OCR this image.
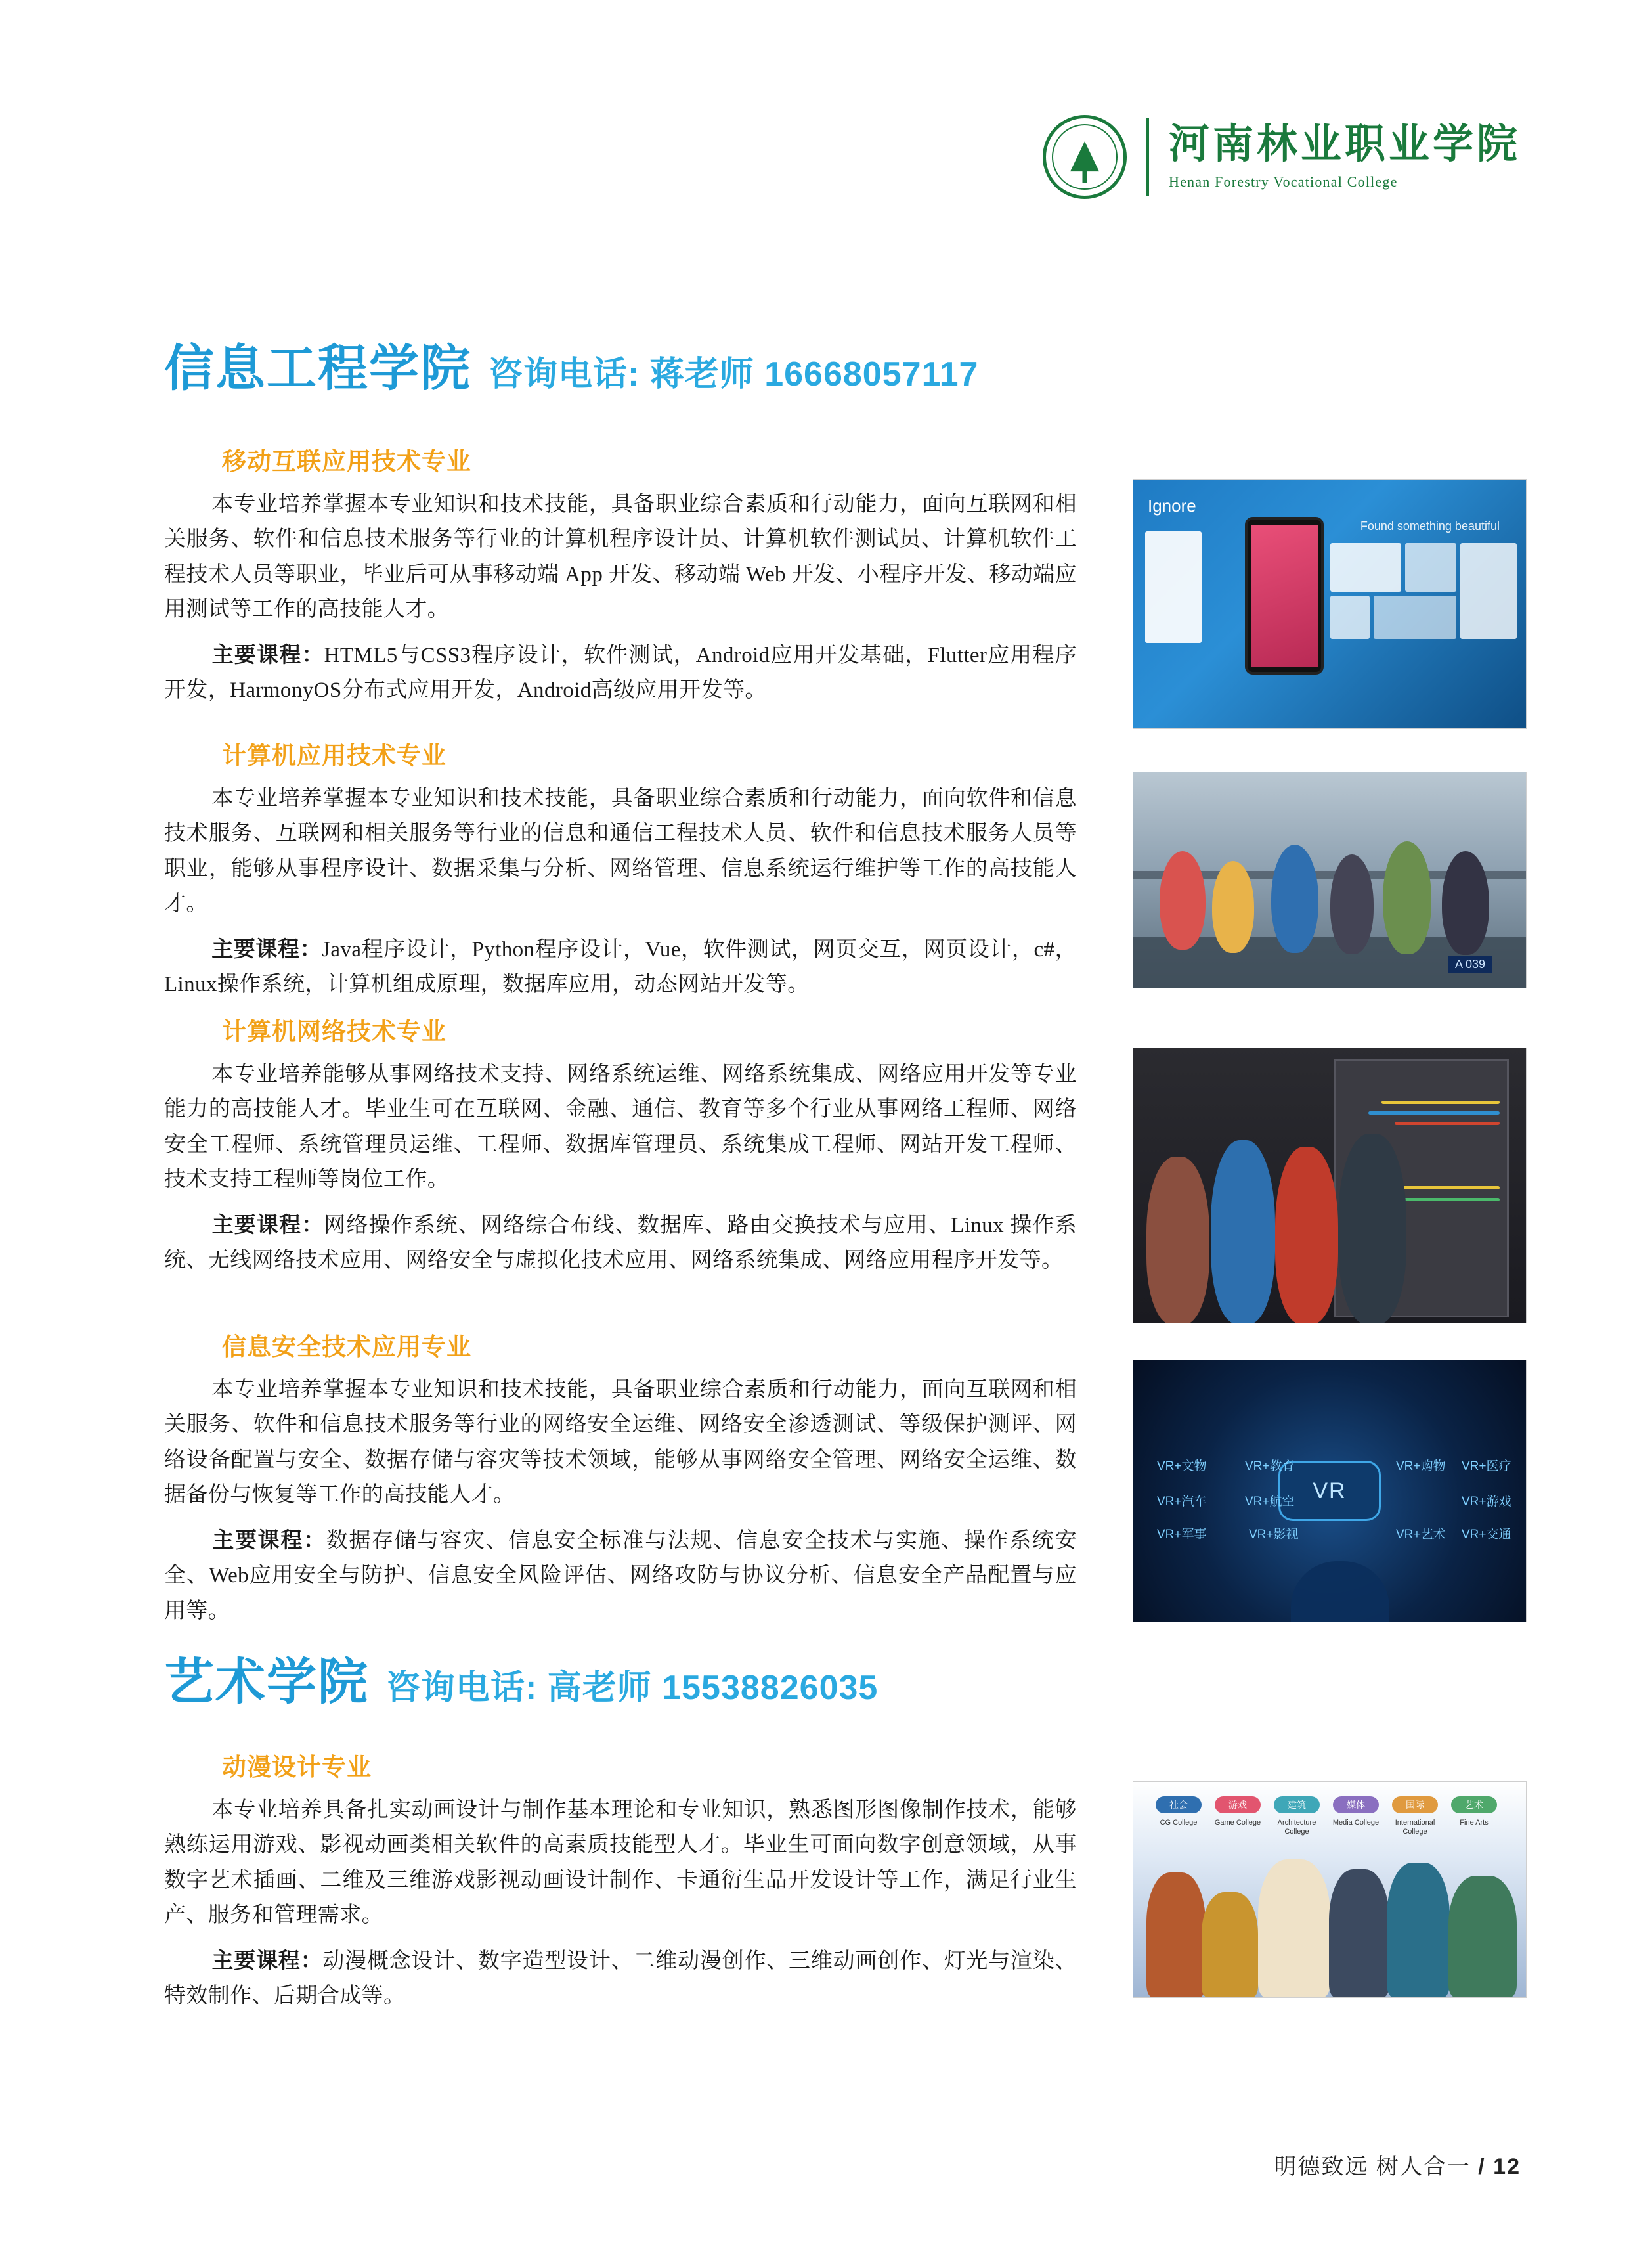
河南林业职业学院
Henan Forestry Vocational College
信息工程学院 咨询电话: 蒋老师 16668057117
移动互联应用技术专业
本专业培养掌握本专业知识和技术技能，具备职业综合素质和行动能力，面向互联网和相关服务、软件和信息技术服务等行业的计算机程序设计员、计算机软件测试员、计算机软件工程技术人员等职业，毕业后可从事移动端 App 开发、移动端 Web 开发、小程序开发、移动端应用测试等工作的高技能人才。
主要课程：HTML5与CSS3程序设计，软件测试，Android应用开发基础，Flutter应用程序开发，HarmonyOS分布式应用开发，Android高级应用开发等。
Ignore
Found something beautiful
计算机应用技术专业
本专业培养掌握本专业知识和技术技能，具备职业综合素质和行动能力，面向软件和信息技术服务、互联网和相关服务等行业的信息和通信工程技术人员、软件和信息技术服务人员等职业，能够从事程序设计、数据采集与分析、网络管理、信息系统运行维护等工作的高技能人才。
主要课程：Java程序设计，Python程序设计，Vue，软件测试，网页交互，网页设计，c#，Linux操作系统，计算机组成原理，数据库应用，动态网站开发等。
A 039
计算机网络技术专业
本专业培养能够从事网络技术支持、网络系统运维、网络系统集成、网络应用开发等专业能力的高技能人才。毕业生可在互联网、金融、通信、教育等多个行业从事网络工程师、网络安全工程师、系统管理员运维、工程师、数据库管理员、系统集成工程师、网站开发工程师、技术支持工程师等岗位工作。
主要课程：网络操作系统、网络综合布线、数据库、路由交换技术与应用、Linux 操作系统、无线网络技术应用、网络安全与虚拟化技术应用、网络系统集成、网络应用程序开发等。
信息安全技术应用专业
本专业培养掌握本专业知识和技术技能，具备职业综合素质和行动能力，面向互联网和相关服务、软件和信息技术服务等行业的网络安全运维、网络安全渗透测试、等级保护测评、网络设备配置与安全、数据存储与容灾等技术领域，能够从事网络安全管理、网络安全运维、数据备份与恢复等工作的高技能人才。
主要课程：数据存储与容灾、信息安全标准与法规、信息安全技术与实施、操作系统安全、Web应用安全与防护、信息安全风险评估、网络攻防与协议分析、信息安全产品配置与应用等。
VR
VR+文物	VR+教育	VR+购物 VR+医疗
VR+汽车	VR+航空	VR+游戏
VR+军事	VR+影视	VR+艺术 VR+交通
艺术学院 咨询电话: 高老师 15538826035
动漫设计专业
本专业培养具备扎实动画设计与制作基本理论和专业知识，熟悉图形图像制作技术，能够熟练运用游戏、影视动画类相关软件的高素质技能型人才。毕业生可面向数字创意领域，从事数字艺术插画、二维及三维游戏影视动画设计制作、卡通衍生品开发设计等工作，满足行业生产、服务和管理需求。
主要课程：动漫概念设计、数字造型设计、二维动漫创作、三维动画创作、灯光与渲染、特效制作、后期合成等。
社会	游戏	建筑	媒体	国际	艺术
CG College	Game College	Architecture College
Media College	International College
Fine Arts
明德致远 树人合一 / 12
